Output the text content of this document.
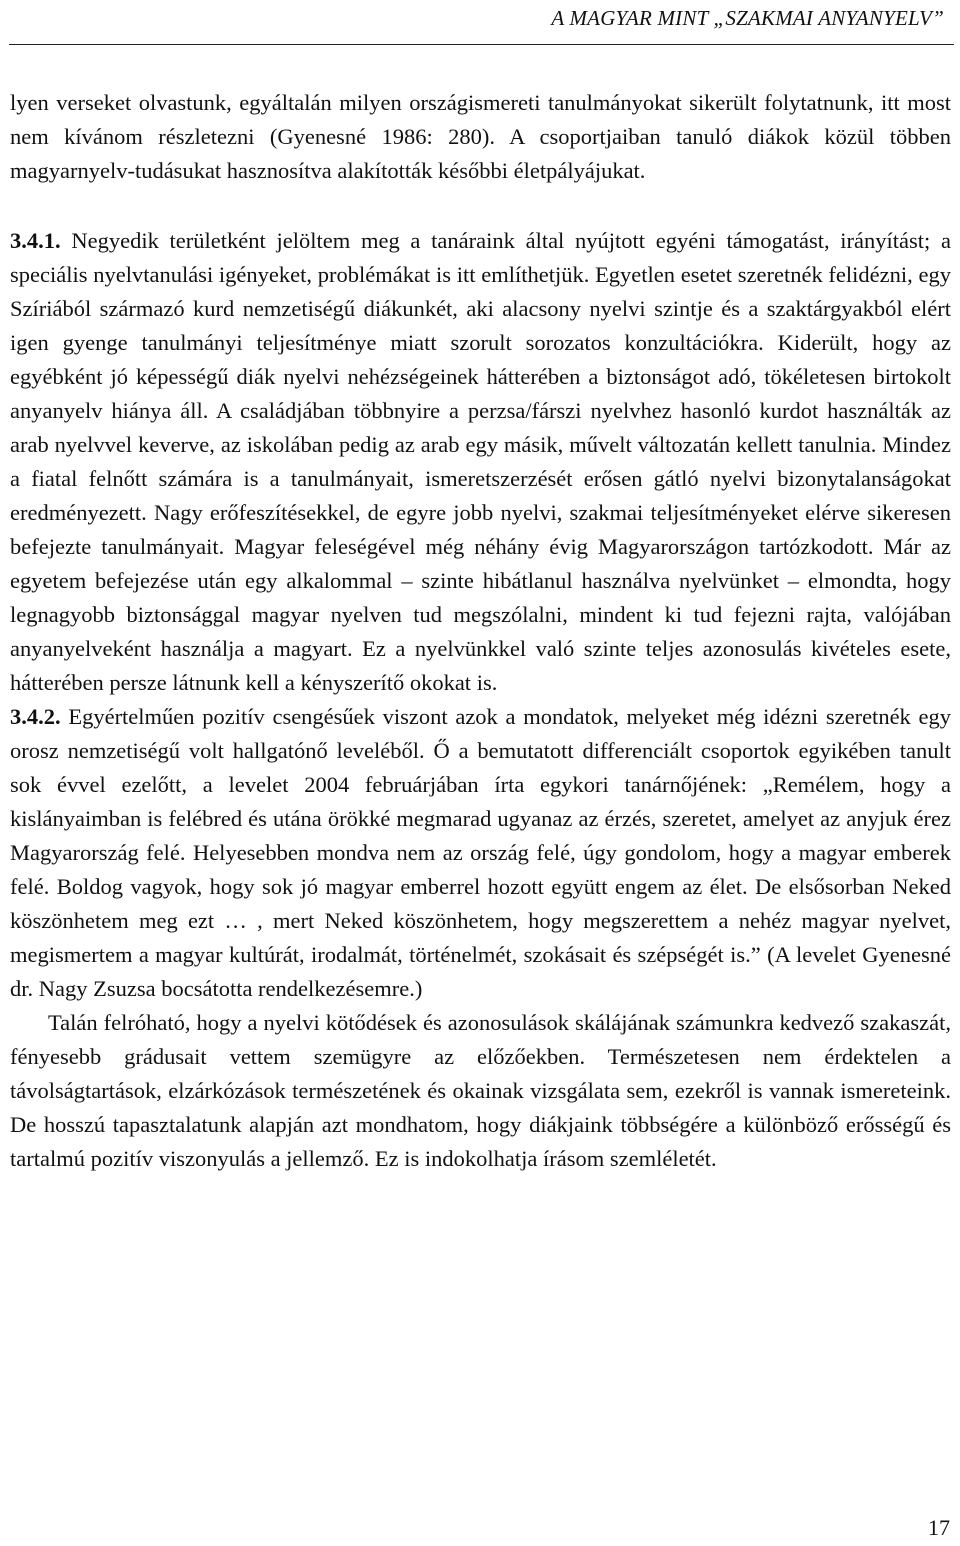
A MAGYAR MINT „SZAKMAI ANYANYELV”

lyen verseket olvastunk, egyáltalán milyen országismereti tanulmányokat sikerült folytatnunk, itt most nem kívánom részletezni (Gyenesné 1986: 280). A csoportjaiban tanuló diákok közül többen magyarnyelv-tudásukat hasznosítva alakították későbbi életpályájukat.

3.4.1. Negyedik területként jelöltem meg a tanáraink által nyújtott egyéni támogatást, irányítást; a speciális nyelvtanulási igényeket, problémákat is itt említhetjük. Egyetlen esetet szeretnék felidézni, egy Szíriából származó kurd nemzetiségű diákunkét, aki alacsony nyelvi szintje és a szaktárgyakból elért igen gyenge tanulmányi teljesítménye miatt szorult sorozatos konzultációkra. Kiderült, hogy az egyébként jó képességű diák nyelvi nehézségeinek hátterében a biztonságot adó, tökéletesen birtokolt anyanyelv hiánya áll. A családjában többnyire a perzsa/fárszi nyelvhez hasonló kurdot használták az arab nyelvvel keverve, az iskolában pedig az arab egy másik, művelt változatán kellett tanulnia. Mindez a fiatal felnőtt számára is a tanulmányait, ismeretszerzését erősen gátló nyelvi bizonytalanságokat eredményezett. Nagy erőfeszítésekkel, de egyre jobb nyelvi, szakmai teljesítményeket elérve sikeresen befejezte tanulmányait. Magyar feleségével még néhány évig Magyarországon tartózkodott. Már az egyetem befejezése után egy alkalommal – szinte hibátlanul használva nyelvünket – elmondta, hogy legnagyobb biztonsággal magyar nyelven tud megszólalni, mindent ki tud fejezni rajta, valójában anyanyelveként használja a magyart. Ez a nyelvünkkel való szinte teljes azonosulás kivételes esete, hátterében persze látnunk kell a kényszerítő okokat is.

3.4.2. Egyértelműen pozitív csengésűek viszont azok a mondatok, melyeket még idézni szeretnék egy orosz nemzetiségű volt hallgatónő leveléből. Ő a bemutatott differenciált csoportok egyikében tanult sok évvel ezelőtt, a levelet 2004 februárjában írta egykori tanárnőjének: „Remélem, hogy a kislányaimban is felébred és utána örökké megmarad ugyanaz az érzés, szeretet, amelyet az anyjuk érez Magyarország felé. Helyesebben mondva nem az ország felé, úgy gondolom, hogy a magyar emberek felé. Boldog vagyok, hogy sok jó magyar emberrel hozott együtt engem az élet. De elsősorban Neked köszönhetem meg ezt … , mert Neked köszönhetem, hogy megszerettem a nehéz magyar nyelvet, megismertem a magyar kultúrát, irodalmát, történelmét, szokásait és szépségét is.” (A levelet Gyenesné dr. Nagy Zsuzsa bocsátotta rendelkezésemre.)

Talán felróható, hogy a nyelvi kötődések és azonosulások skálájának számunkra kedvező szakaszát, fényesebb grádusait vettem szemügyre az előzőekben. Természetesen nem érdektelen a távolságtartások, elzárkózások természetének és okainak vizsgálata sem, ezekről is vannak ismereteink. De hosszú tapasztalatunk alapján azt mondhatom, hogy diákjaink többségére a különböző erősségű és tartalmú pozitív viszonyulás a jellemző. Ez is indokolhatja írásom szemléletét.

17
